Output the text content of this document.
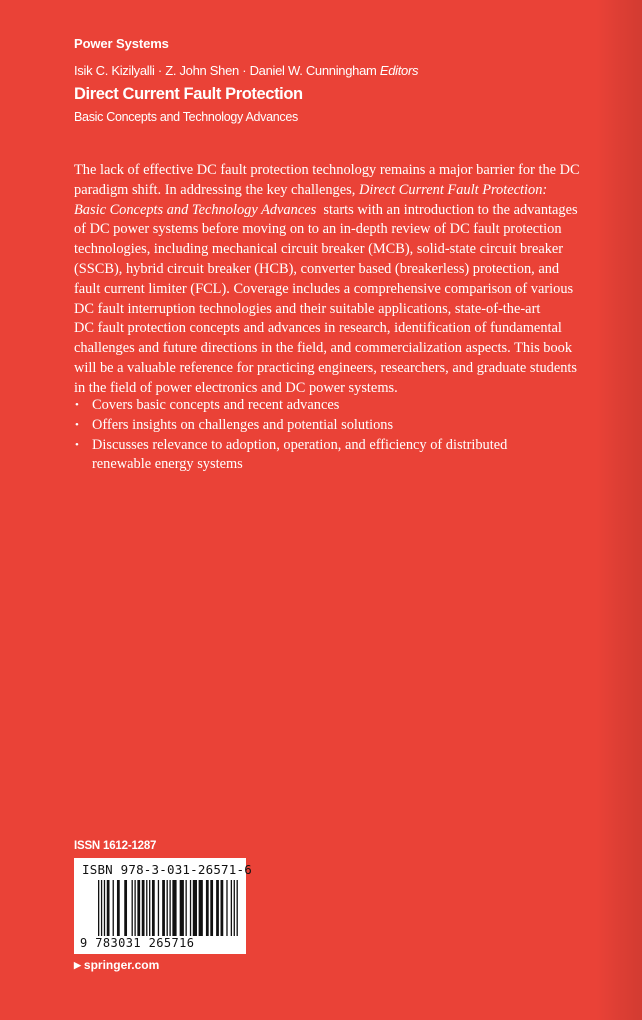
Power Systems
Isik C. Kizilyalli · Z. John Shen · Daniel W. Cunningham Editors
Direct Current Fault Protection
Basic Concepts and Technology Advances
The lack of effective DC fault protection technology remains a major barrier for the DC
paradigm shift. In addressing the key challenges, Direct Current Fault Protection:
Basic Concepts and Technology Advances starts with an introduction to the advantages
of DC power systems before moving on to an in-depth review of DC fault protection
technologies, including mechanical circuit breaker (MCB), solid-state circuit breaker
(SSCB), hybrid circuit breaker (HCB), converter based (breakerless) protection, and
fault current limiter (FCL). Coverage includes a comprehensive comparison of various
DC fault interruption technologies and their suitable applications, state-of-the-art
DC fault protection concepts and advances in research, identification of fundamental
challenges and future directions in the field, and commercialization aspects. This book
will be a valuable reference for practicing engineers, researchers, and graduate students
in the field of power electronics and DC power systems.
• Covers basic concepts and recent advances
• Offers insights on challenges and potential solutions
• Discusses relevance to adoption, operation, and efficiency of distributed
renewable energy systems
ISSN 1612-1287
ISBN 978-3-031-26571-6
9 783031 265716
▶ springer.com
